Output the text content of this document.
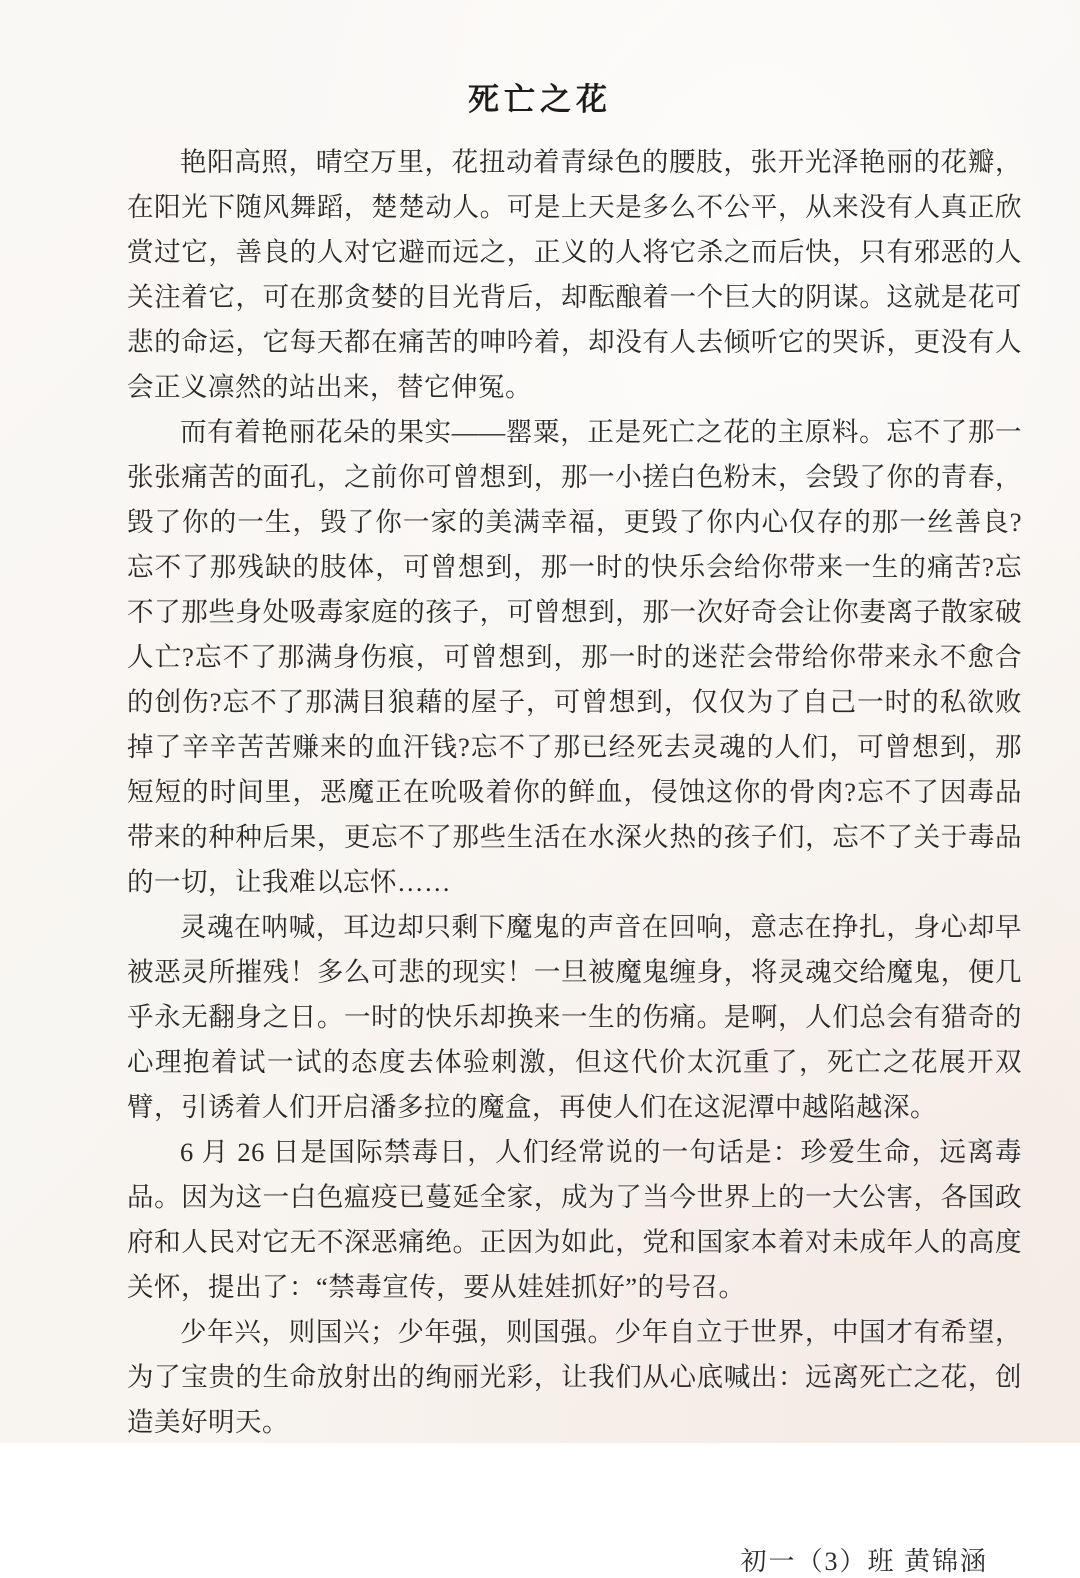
死亡之花

艳阳高照，晴空万里，花扭动着青绿色的腰肢，张开光泽艳丽的花瓣，在阳光下随风舞蹈，楚楚动人。可是上天是多么不公平，从来没有人真正欣赏过它，善良的人对它避而远之，正义的人将它杀之而后快，只有邪恶的人关注着它，可在那贪婪的目光背后，却酝酿着一个巨大的阴谋。这就是花可悲的命运，它每天都在痛苦的呻吟着，却没有人去倾听它的哭诉，更没有人会正义凛然的站出来，替它伸冤。

而有着艳丽花朵的果实——罂粟，正是死亡之花的主原料。忘不了那一张张痛苦的面孔，之前你可曾想到，那一小搓白色粉末，会毁了你的青春，毁了你的一生，毁了你一家的美满幸福，更毁了你内心仅存的那一丝善良?忘不了那残缺的肢体，可曾想到，那一时的快乐会给你带来一生的痛苦?忘不了那些身处吸毒家庭的孩子，可曾想到，那一次好奇会让你妻离子散家破人亡?忘不了那满身伤痕，可曾想到，那一时的迷茫会带给你带来永不愈合的创伤?忘不了那满目狼藉的屋子，可曾想到，仅仅为了自己一时的私欲败掉了辛辛苦苦赚来的血汗钱?忘不了那已经死去灵魂的人们，可曾想到，那短短的时间里，恶魔正在吮吸着你的鲜血，侵蚀这你的骨肉?忘不了因毒品带来的种种后果，更忘不了那些生活在水深火热的孩子们，忘不了关于毒品的一切，让我难以忘怀……

灵魂在呐喊，耳边却只剩下魔鬼的声音在回响，意志在挣扎，身心却早被恶灵所摧残！多么可悲的现实！一旦被魔鬼缠身，将灵魂交给魔鬼，便几乎永无翻身之日。一时的快乐却换来一生的伤痛。是啊，人们总会有猎奇的心理抱着试一试的态度去体验刺激，但这代价太沉重了，死亡之花展开双臂，引诱着人们开启潘多拉的魔盒，再使人们在这泥潭中越陷越深。

6 月 26 日是国际禁毒日，人们经常说的一句话是：珍爱生命，远离毒品。因为这一白色瘟疫已蔓延全家，成为了当今世界上的一大公害，各国政府和人民对它无不深恶痛绝。正因为如此，党和国家本着对未成年人的高度关怀，提出了：“禁毒宣传，要从娃娃抓好”的号召。

少年兴，则国兴；少年强，则国强。少年自立于世界，中国才有希望，为了宝贵的生命放射出的绚丽光彩，让我们从心底喊出：远离死亡之花，创造美好明天。

初一（3）班 黄锦涵
